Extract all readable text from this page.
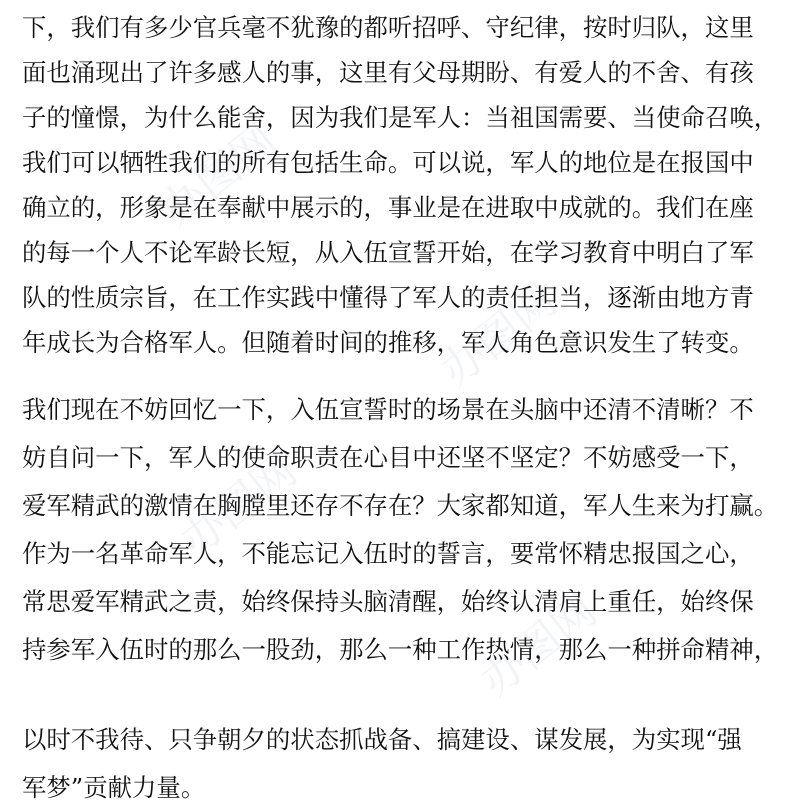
办图网
办图网
办图网
办图网
下，我们有多少官兵毫不犹豫的都听招呼、守纪律，按时归队，这里
面也涌现出了许多感人的事，这里有父母期盼、有爱人的不舍、有孩
子的憧憬，为什么能舍，因为我们是军人：当祖国需要、当使命召唤，
我们可以牺牲我们的所有包括生命。可以说，军人的地位是在报国中
确立的，形象是在奉献中展示的，事业是在进取中成就的。我们在座
的每一个人不论军龄长短，从入伍宣誓开始，在学习教育中明白了军
队的性质宗旨，在工作实践中懂得了军人的责任担当，逐渐由地方青
年成长为合格军人。但随着时间的推移，军人角色意识发生了转变。
我们现在不妨回忆一下，入伍宣誓时的场景在头脑中还清不清晰？不
妨自问一下，军人的使命职责在心目中还坚不坚定？不妨感受一下，
爱军精武的激情在胸膛里还存不存在？大家都知道，军人生来为打赢。
作为一名革命军人，不能忘记入伍时的誓言，要常怀精忠报国之心，
常思爱军精武之责，始终保持头脑清醒，始终认清肩上重任，始终保
持参军入伍时的那么一股劲，那么一种工作热情，那么一种拼命精神，
以时不我待、只争朝夕的状态抓战备、搞建设、谋发展，为实现“强
军梦”贡献力量。
